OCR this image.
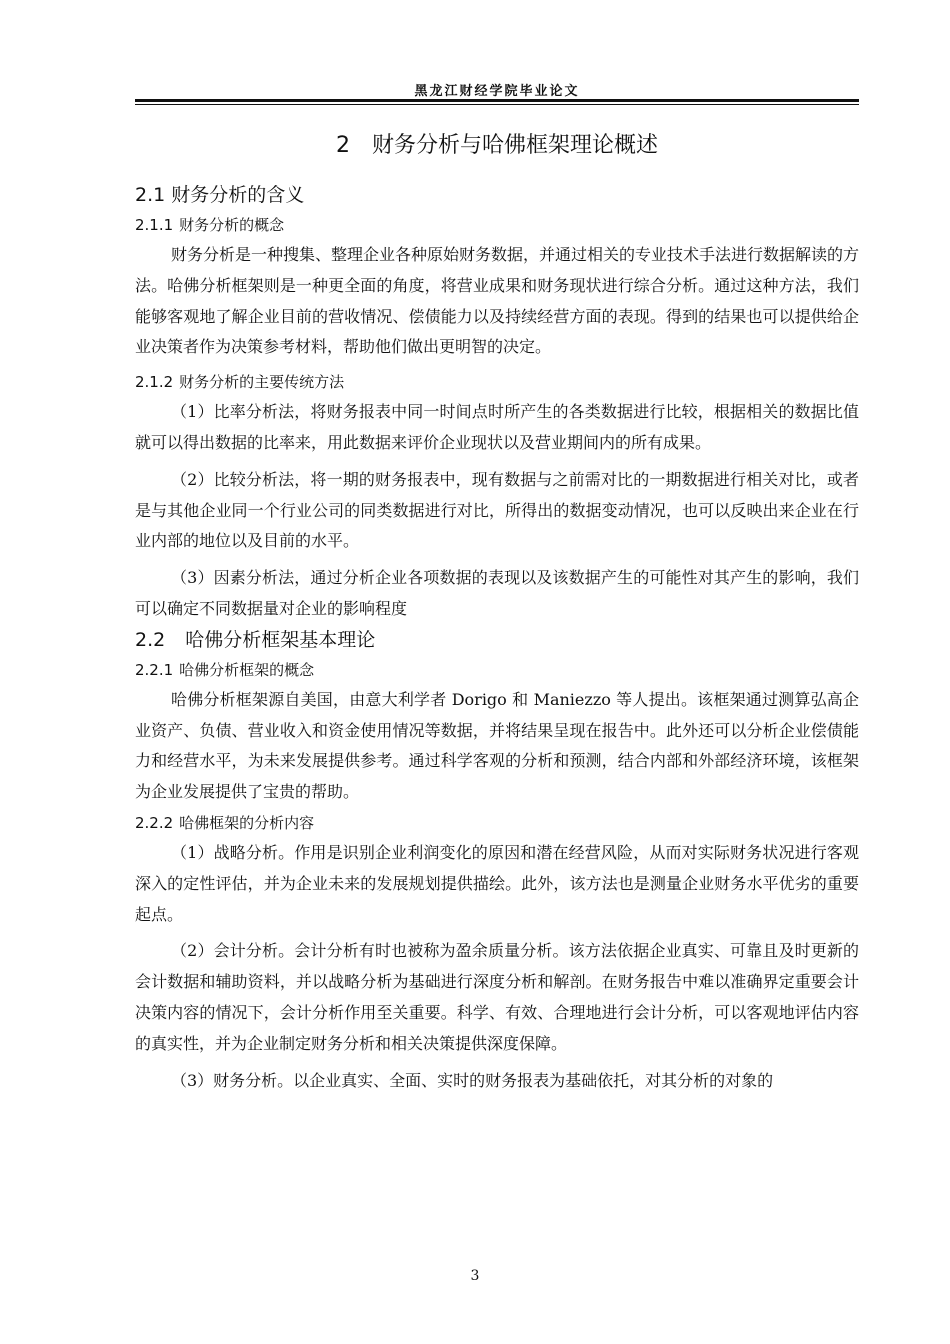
黑龙江财经学院毕业论文
2 财务分析与哈佛框架理论概述
2.1 财务分析的含义
2.1.1 财务分析的概念

财务分析是一种搜集、整理企业各种原始财务数据，并通过相关的专业技术手法进行数据解读的方法。哈佛分析框架则是一种更全面的角度，将营业成果和财务现状进行综合分析。通过这种方法，我们能够客观地了解企业目前的营收情况、偿债能力以及持续经营方面的表现。得到的结果也可以提供给企业决策者作为决策参考材料，帮助他们做出更明智的决定。

2.1.2 财务分析的主要传统方法

（1）比率分析法，将财务报表中同一时间点时所产生的各类数据进行比较，根据相关的数据比值就可以得出数据的比率来，用此数据来评价企业现状以及营业期间内的所有成果。

（2）比较分析法，将一期的财务报表中，现有数据与之前需对比的一期数据进行相关对比，或者是与其他企业同一个行业公司的同类数据进行对比，所得出的数据变动情况，也可以反映出来企业在行业内部的地位以及目前的水平。

（3）因素分析法，通过分析企业各项数据的表现以及该数据产生的可能性对其产生的影响，我们可以确定不同数据量对企业的影响程度

2.2 哈佛分析框架基本理论
2.2.1 哈佛分析框架的概念

哈佛分析框架源自美国，由意大利学者 Dorigo 和 Maniezzo 等人提出。该框架通过测算弘高企业资产、负债、营业收入和资金使用情况等数据，并将结果呈现在报告中。此外还可以分析企业偿债能力和经营水平，为未来发展提供参考。通过科学客观的分析和预测，结合内部和外部经济环境，该框架为企业发展提供了宝贵的帮助。

2.2.2 哈佛框架的分析内容

（1）战略分析。作用是识别企业利润变化的原因和潜在经营风险，从而对实际财务状况进行客观深入的定性评估，并为企业未来的发展规划提供描绘。此外，该方法也是测量企业财务水平优劣的重要起点。

（2）会计分析。会计分析有时也被称为盈余质量分析。该方法依据企业真实、可靠且及时更新的会计数据和辅助资料，并以战略分析为基础进行深度分析和解剖。在财务报告中难以准确界定重要会计决策内容的情况下，会计分析作用至关重要。科学、有效、合理地进行会计分析，可以客观地评估内容的真实性，并为企业制定财务分析和相关决策提供深度保障。

（3）财务分析。以企业真实、全面、实时的财务报表为基础依托，对其分析的对象的

3
